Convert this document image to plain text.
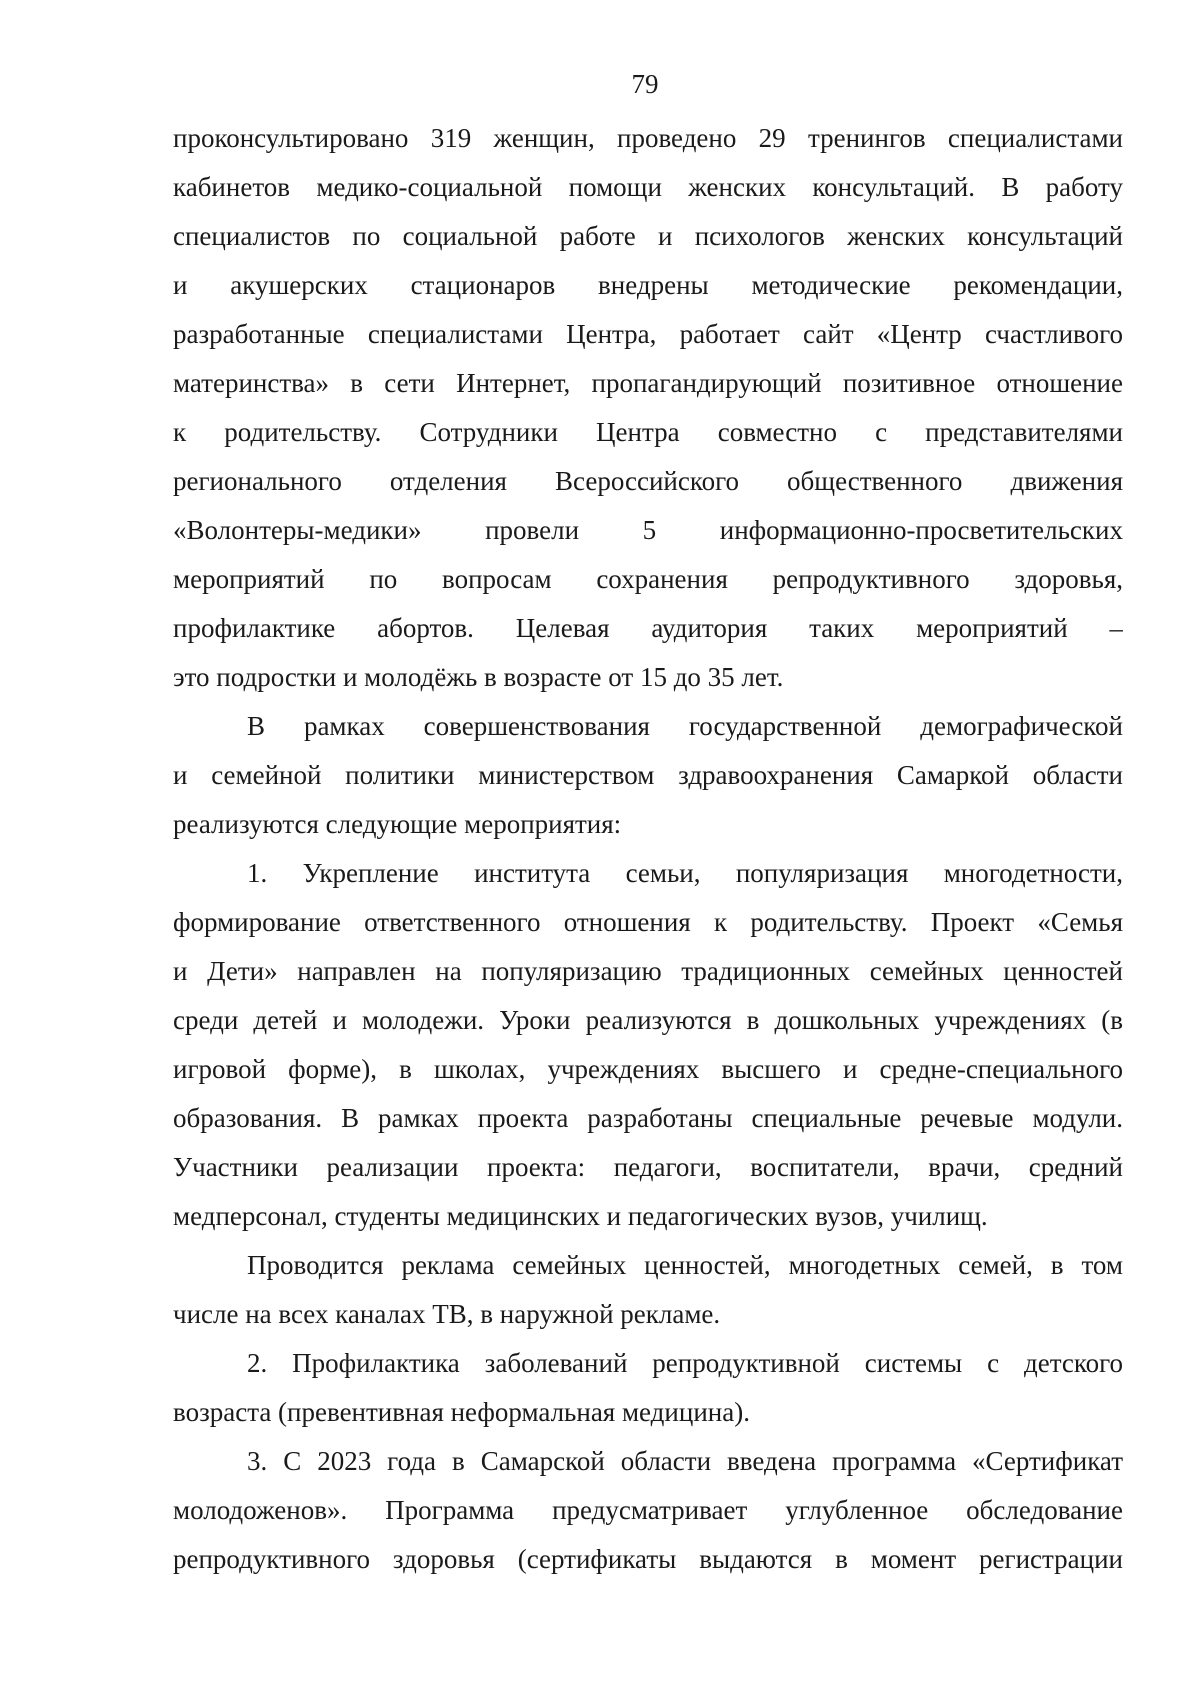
79
проконсультировано 319 женщин, проведено 29 тренингов специалистами
кабинетов медико-социальной помощи женских консультаций. В работу
специалистов по социальной работе и психологов женских консультаций
и акушерских стационаров внедрены методические рекомендации,
разработанные специалистами Центра, работает сайт «Центр счастливого
материнства» в сети Интернет, пропагандирующий позитивное отношение
к родительству. Сотрудники Центра совместно с представителями
регионального отделения Всероссийского общественного движения
«Волонтеры-медики» провели 5 информационно-просветительских
мероприятий по вопросам сохранения репродуктивного здоровья,
профилактике абортов. Целевая аудитория таких мероприятий –
это подростки и молодёжь в возрасте от 15 до 35 лет.
В рамках совершенствования государственной демографической
и семейной политики министерством здравоохранения Самаркой области
реализуются следующие мероприятия:
1. Укрепление института семьи, популяризация многодетности,
формирование ответственного отношения к родительству. Проект «Семья
и Дети» направлен на популяризацию традиционных семейных ценностей
среди детей и молодежи. Уроки реализуются в дошкольных учреждениях (в
игровой форме), в школах, учреждениях высшего и средне-специального
образования. В рамках проекта разработаны специальные речевые модули.
Участники реализации проекта: педагоги, воспитатели, врачи, средний
медперсонал, студенты медицинских и педагогических вузов, училищ.
Проводится реклама семейных ценностей, многодетных семей, в том
числе на всех каналах ТВ, в наружной рекламе.
2. Профилактика заболеваний репродуктивной системы с детского
возраста (превентивная неформальная медицина).
3. С 2023 года в Самарской области введена программа «Сертификат
молодоженов». Программа предусматривает углубленное обследование
репродуктивного здоровья (сертификаты выдаются в момент регистрации
